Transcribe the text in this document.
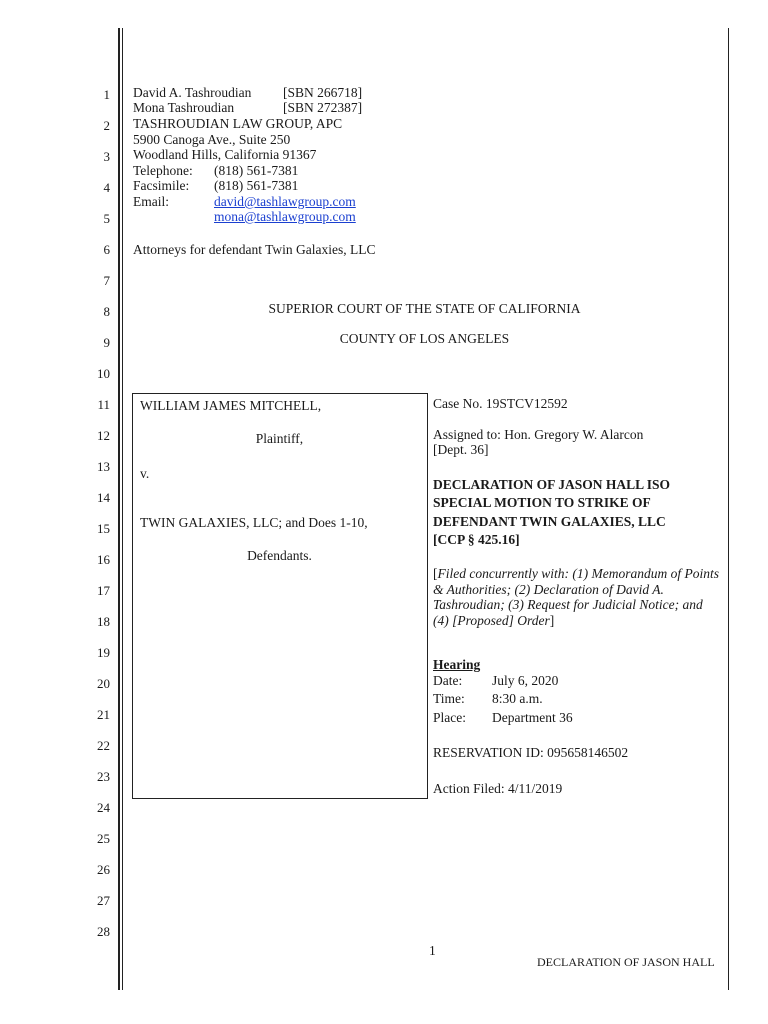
1
2
3
4
5
6
7
8
9
10
11
12
13
14
15
16
17
18
19
20
21
22
23
24
25
26
27
28
David A. Tashroudian [SBN 266718]
Mona Tashroudian	[SBN 272387]
TASHROUDIAN LAW GROUP, APC
5900 Canoga Ave., Suite 250
Woodland Hills, California 91367
Telephone: (818) 561-7381
Facsimile: (818) 561-7381
Email:	david@tashlawgroup.com
mona@tashlawgroup.com
Attorneys for defendant Twin Galaxies, LLC
SUPERIOR COURT OF THE STATE OF CALIFORNIA
COUNTY OF LOS ANGELES
WILLIAM JAMES MITCHELL,
Plaintiff,
v.
TWIN GALAXIES, LLC; and Does 1-10,
Defendants.
Case No. 19STCV12592
Assigned to: Hon. Gregory W. Alarcon
[Dept. 36]
DECLARATION OF JASON HALL ISO
SPECIAL MOTION TO STRIKE OF
DEFENDANT TWIN GALAXIES, LLC
[CCP § 425.16]
[Filed concurrently with: (1) Memorandum of Points & Authorities; (2) Declaration of David A. Tashroudian; (3) Request for Judicial Notice; and (4) [Proposed] Order]
Hearing
Date: July 6, 2020
Time: 8:30 a.m.
Place: Department 36
RESERVATION ID: 095658146502
Action Filed: 4/11/2019
1
DECLARATION OF JASON HALL
